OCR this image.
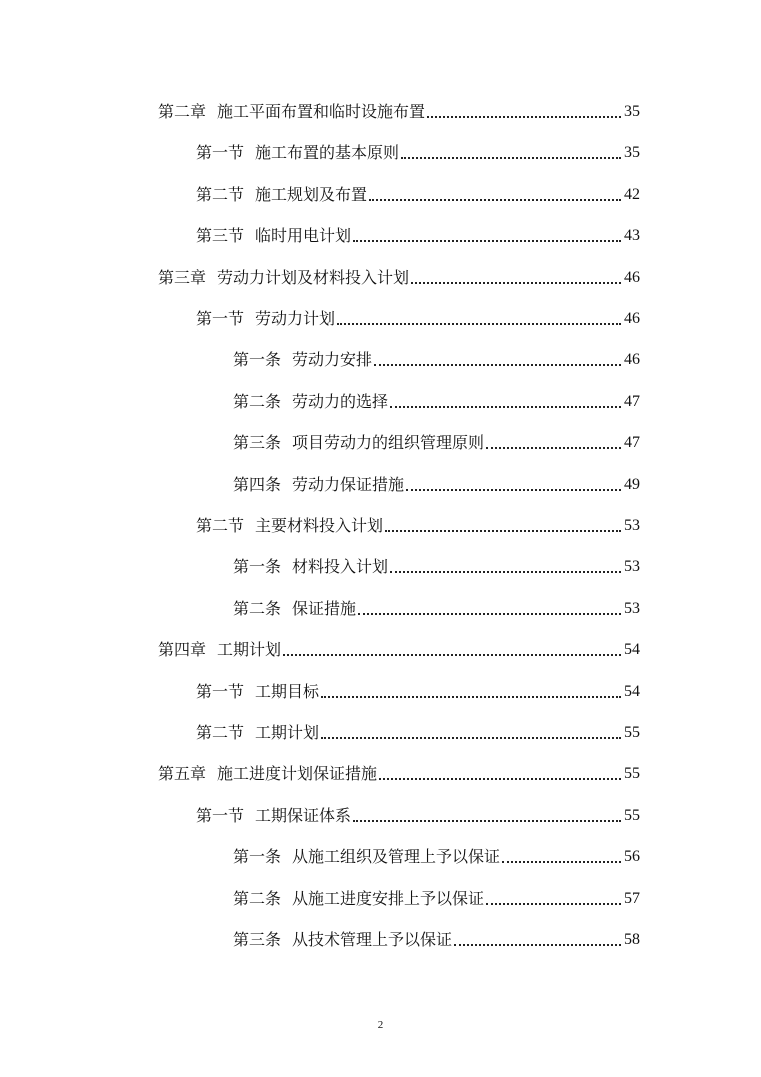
第二章 施工平面布置和临时设施布置	35
第一节 施工布置的基本原则	35
第二节 施工规划及布置	42
第三节 临时用电计划	43
第三章 劳动力计划及材料投入计划	46
第一节 劳动力计划	46
第一条 劳动力安排	46
第二条 劳动力的选择	47
第三条 项目劳动力的组织管理原则	47
第四条 劳动力保证措施	49
第二节 主要材料投入计划	53
第一条 材料投入计划	53
第二条 保证措施	53
第四章 工期计划	54
第一节 工期目标	54
第二节 工期计划	55
第五章 施工进度计划保证措施	55
第一节 工期保证体系	55
第一条 从施工组织及管理上予以保证	56
第二条 从施工进度安排上予以保证	57
第三条 从技术管理上予以保证	58
2
